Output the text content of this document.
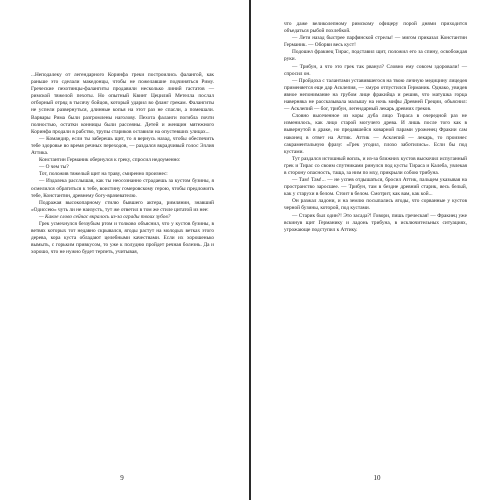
...Неподалеку от легендарного Коринфа греки построились фалангой, как раньше это сделали македонцы, чтобы не пожелавшие подчиняться Риму. Греческие пехотинцы-фалангиты продавили несколько линий гастатов — римской тяжелой пехоты. Но опытный Квинт Цецилий Метелла послал отборный отряд в тысячу бойцов, который ударил во фланг грекам. Фалангиты не успели развернуться, длинные копья на этот раз не спасли, а помешали. Варвары Рима были разгромлены наголову. Пехота фаланги погибла почти полностью, остатки конницы были рассеяны. Детей и женщин мятежного Коринфа продали в рабство, трупы стариков оставили на опустевших улицах...

— Командир, если ты заберешь щит, то я вернусь назад, чтобы обеспечить тебе здоровье во время речных переходов, — раздался вкрадчивый голос Эллия Аттика.

Константин Германик обернулся к греку, спросил недоуменно:

— О чем ты?

Тот, положив тяжелый щит на траву, смиренно произнес:

— Издалека расслышав, как ты неосознанно страдаешь за кустом бузины, я осмелился обратиться к тебе, воистину гомеровскому герою, чтобы предложить тебе, Константин, древнему богу-врачевателю.

Подражая высокопарному стилю бывшего актера, римлянин, знавший «Одиссею» чуть ли не наизусть, тут же ответил в том же стиле цитатой из нее:

— Какое слово сейчас вкралось из-за ограды твоих зубов?

Грек усмехнулся беззубым ртом и толково объяснил, что у кустов бузины, в ветвях которых тот недавно скрывался, ягоды растут на молодых ветках этого дерева, кора куста обладают целебными качествами. Если их хорошенько вымыть, с горьким привкусом, то уже к полудню пройдет речная болезнь. Да и хорошо, что не нужно будет терпеть, учитывая,

9

что даже великолепному римскому офицеру порой днями приходится объедаться рыбой похлебкой.

— Лети назад быстрее парфянской стрелы! — мигом приказал Константин Германик. — Оборви весь куст!

Подошел фракиец Тирас, подставил щит, положил его за спину, освобождая руки.

— Трибун, а что это грек так рванул? Словно ему совсем здоровали! — спросил он.

— Пройдоха с талантами уставившегося на твою личную медицину лицедея применяется еще дар Асклепия, — хмуро отпустился Германик. Однако, увидев явное непонимание на грубом лице фракийца и решив, что матушка горца наверняка не рассказывала малышу на ночь мифы Древней Греции, объяснил: — Асклепий — бог, трибун, легендарный лекарь древних греков.

Словно высеченное из коры дуба лицо Тираса в очередной раз не изменилось, как лицо старой могучего древа. И лишь после того как в вывернутой в драке, но предавшейся коварной парами уроженец Фракии сам наконец в ответ на Аттик. Аттик — Асклепий — лекарь, то произнес сакраментальную фразу: «Грек угодил, плохо заботились». Если бы под кустами.

Тут раздался истошный вопль, и из-за ближних кустов выскочил испуганный грек и Тирас со своим спутниками ринулся под кусты Тираса и Калеба, увлекая в сторону опасность, таща, за ним по мху, прикрыли собою трибуна.

— Там! Там!... — не успев отдышаться, бросил Аттик, пальцем указывая на пространство заросшее. — Трибун, там в бездне древний старик, весь белый, как у старухи в белом. Стоит в белом. Смотрит, как вам, как кой...

Он разжал ладони, и на землю посыпались ягоды, что сорванные у кустов черной бузины, которой, под кустами.

— Старик был один?! Это засада?! Говори, пишь греческая! — Фракиец уже вскинув щит Германику и ладонь трибуна, в исключительных ситуациях, угрожающе подступил к Аттику.

10
